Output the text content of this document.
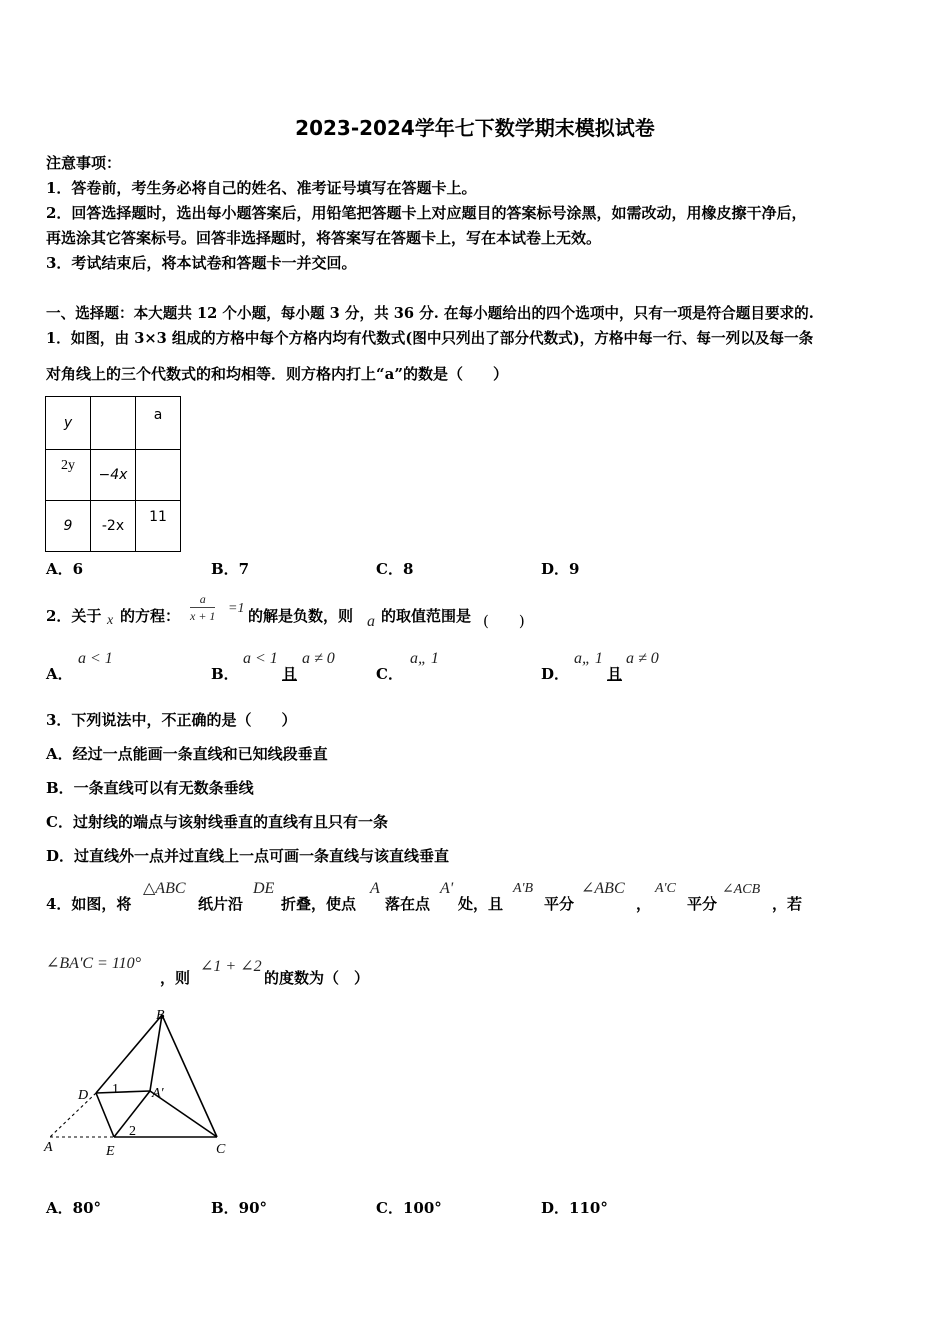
2023-2024学年七下数学期末模拟试卷
注意事项：
1．答卷前，考生务必将自己的姓名、准考证号填写在答题卡上。
2．回答选择题时，选出每小题答案后，用铅笔把答题卡上对应题目的答案标号涂黑，如需改动，用橡皮擦干净后，
再选涂其它答案标号。回答非选择题时，将答案写在答题卡上，写在本试卷上无效。
3．考试结束后，将本试卷和答题卡一并交回。
一、选择题：本大题共 12 个小题，每小题 3 分，共 36 分. 在每小题给出的四个选项中，只有一项是符合题目要求的.
1．如图，由 3×3 组成的方格中每个方格内均有代数式(图中只列出了部分代数式)，方格中每一行、每一列以及每一条
对角线上的三个代数式的和均相等．则方格内打上“a”的数是（　　）
y		a
2y	−4x	
9	-2x	11
A．6	B．7	C．8	D．9
2．关于 x 的方程： $\frac{a}{x + 1} =1$ 的解是负数，则 a 的取值范围是 (　　)
A．
a < 1
B．
a < 1
且
a ≠ 0
C．
a„ 1
D．
a„ 1
且
a ≠ 0
3．下列说法中，不正确的是（　　）
A．经过一点能画一条直线和已知线段垂直
B．一条直线可以有无数条垂线
C．过射线的端点与该射线垂直的直线有且只有一条
D．过直线外一点并过直线上一点可画一条直线与该直线垂直
4．如图，将
△ABC
纸片沿
DE
折叠，使点
A
落在点
A'
处，且
A'B
平分
∠ABC
，
A'C
平分
∠ACB
，若
∠BA'C = 110°
，则
∠1 + ∠2
的度数为（　）
B
D	A′
A	E	C
1
2
A．80°	B．90°	C．100°	D．110°
